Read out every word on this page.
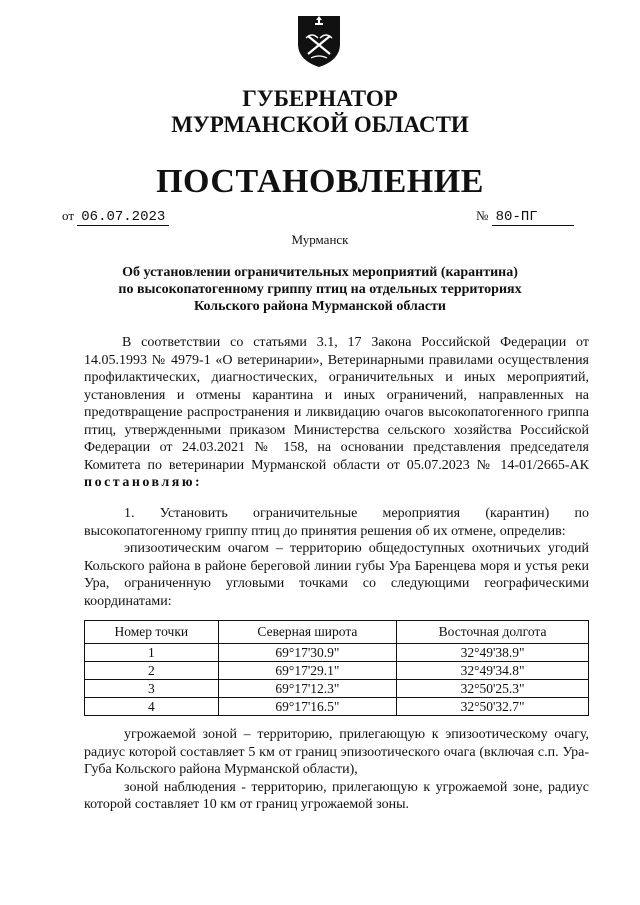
ГУБЕРНАТОР
МУРМАНСКОЙ ОБЛАСТИ
ПОСТАНОВЛЕНИЕ
от 06.07.2023	№ 80-ПГ
Мурманск
Об установлении ограничительных мероприятий (карантина)
по высокопатогенному гриппу птиц на отдельных территориях
Кольского района Мурманской области

В соответствии со статьями 3.1, 17 Закона Российской Федерации от 14.05.1993 № 4979-1 «О ветеринарии», Ветеринарными правилами осуществления профилактических, диагностических, ограничительных и иных мероприятий, установления и отмены карантина и иных ограничений, направленных на предотвращение распространения и ликвидацию очагов высокопатогенного гриппа птиц, утвержденными приказом Министерства сельского хозяйства Российской Федерации от 24.03.2021 № 158, на основании представления председателя Комитета по ветеринарии Мурманской области от 05.07.2023 № 14-01/2665-АК постановляю:

1. Установить ограничительные мероприятия (карантин) по высокопатогенному гриппу птиц до принятия решения об их отмене, определив:

эпизоотическим очагом – территорию общедоступных охотничьих угодий Кольского района в районе береговой линии губы Ура Баренцева моря и устья реки Ура, ограниченную угловыми точками со следующими географическими координатами:

Номер точки	Северная широта	Восточная долгота
1	69°17'30.9"	32°49'38.9"
2	69°17'29.1"	32°49'34.8"
3	69°17'12.3"	32°50'25.3"
4	69°17'16.5"	32°50'32.7"

угрожаемой зоной – территорию, прилегающую к эпизоотическому очагу, радиус которой составляет 5 км от границ эпизоотического очага (включая с.п. Ура-Губа Кольского района Мурманской области),

зоной наблюдения - территорию, прилегающую к угрожаемой зоне, радиус которой составляет 10 км от границ угрожаемой зоны.
